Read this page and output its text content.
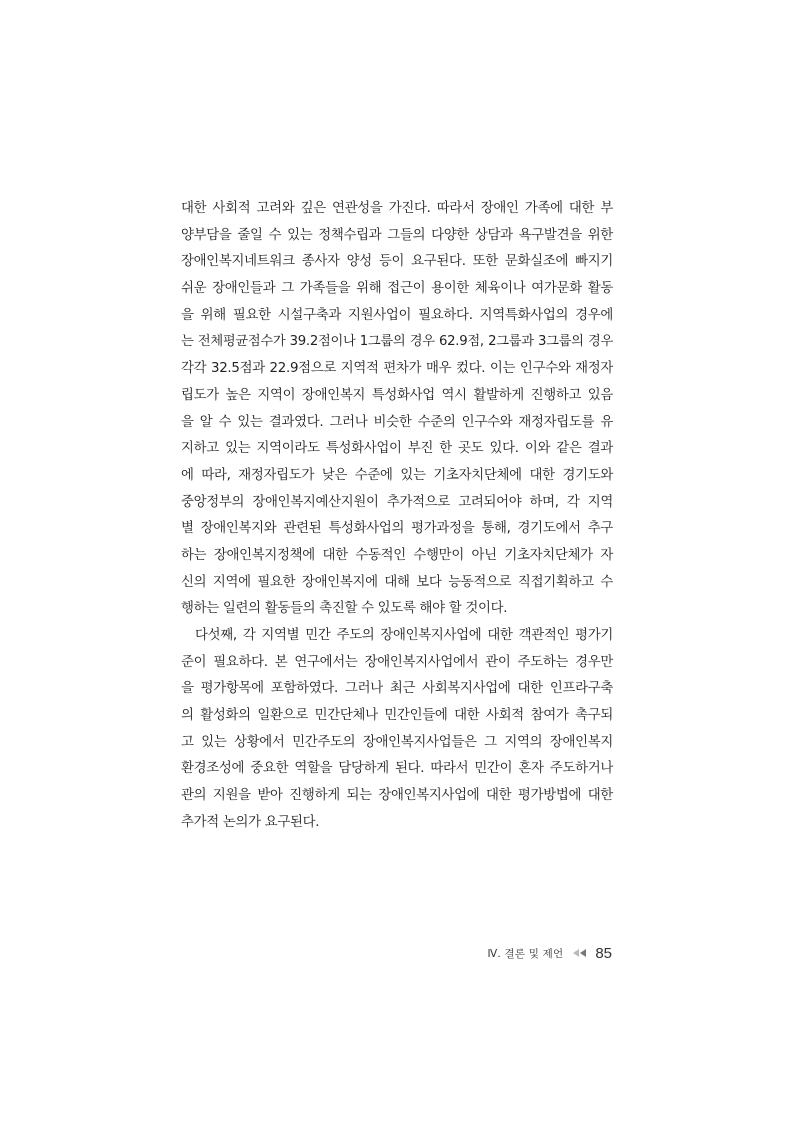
대한 사회적 고려와 깊은 연관성을 가진다. 따라서 장애인 가족에 대한 부
양부담을 줄일 수 있는 정책수립과 그들의 다양한 상담과 욕구발견을 위한
장애인복지네트워크 종사자 양성 등이 요구된다. 또한 문화실조에 빠지기
쉬운 장애인들과 그 가족들을 위해 접근이 용이한 체육이나 여가문화 활동
을 위해 필요한 시설구축과 지원사업이 필요하다. 지역특화사업의 경우에
는 전체평균점수가 39.2점이나 1그룹의 경우 62.9점, 2그룹과 3그룹의 경우
각각 32.5점과 22.9점으로 지역적 편차가 매우 컸다. 이는 인구수와 재정자
립도가 높은 지역이 장애인복지 특성화사업 역시 활발하게 진행하고 있음
을 알 수 있는 결과였다. 그러나 비슷한 수준의 인구수와 재정자립도를 유
지하고 있는 지역이라도 특성화사업이 부진 한 곳도 있다. 이와 같은 결과
에 따라, 재정자립도가 낮은 수준에 있는 기초자치단체에 대한 경기도와
중앙정부의 장애인복지예산지원이 추가적으로 고려되어야 하며, 각 지역
별 장애인복지와 관련된 특성화사업의 평가과정을 통해, 경기도에서 추구
하는 장애인복지정책에 대한 수동적인 수행만이 아닌 기초자치단체가 자
신의 지역에 필요한 장애인복지에 대해 보다 능동적으로 직접기획하고 수
행하는 일련의 활동들의 촉진할 수 있도록 해야 할 것이다.
다섯째, 각 지역별 민간 주도의 장애인복지사업에 대한 객관적인 평가기
준이 필요하다. 본 연구에서는 장애인복지사업에서 관이 주도하는 경우만
을 평가항목에 포함하였다. 그러나 최근 사회복지사업에 대한 인프라구축
의 활성화의 일환으로 민간단체나 민간인들에 대한 사회적 참여가 촉구되
고 있는 상황에서 민간주도의 장애인복지사업들은 그 지역의 장애인복지
환경조성에 중요한 역할을 담당하게 된다. 따라서 민간이 혼자 주도하거나
관의 지원을 받아 진행하게 되는 장애인복지사업에 대한 평가방법에 대한
추가적 논의가 요구된다.
Ⅳ. 결론 및 제언 85
